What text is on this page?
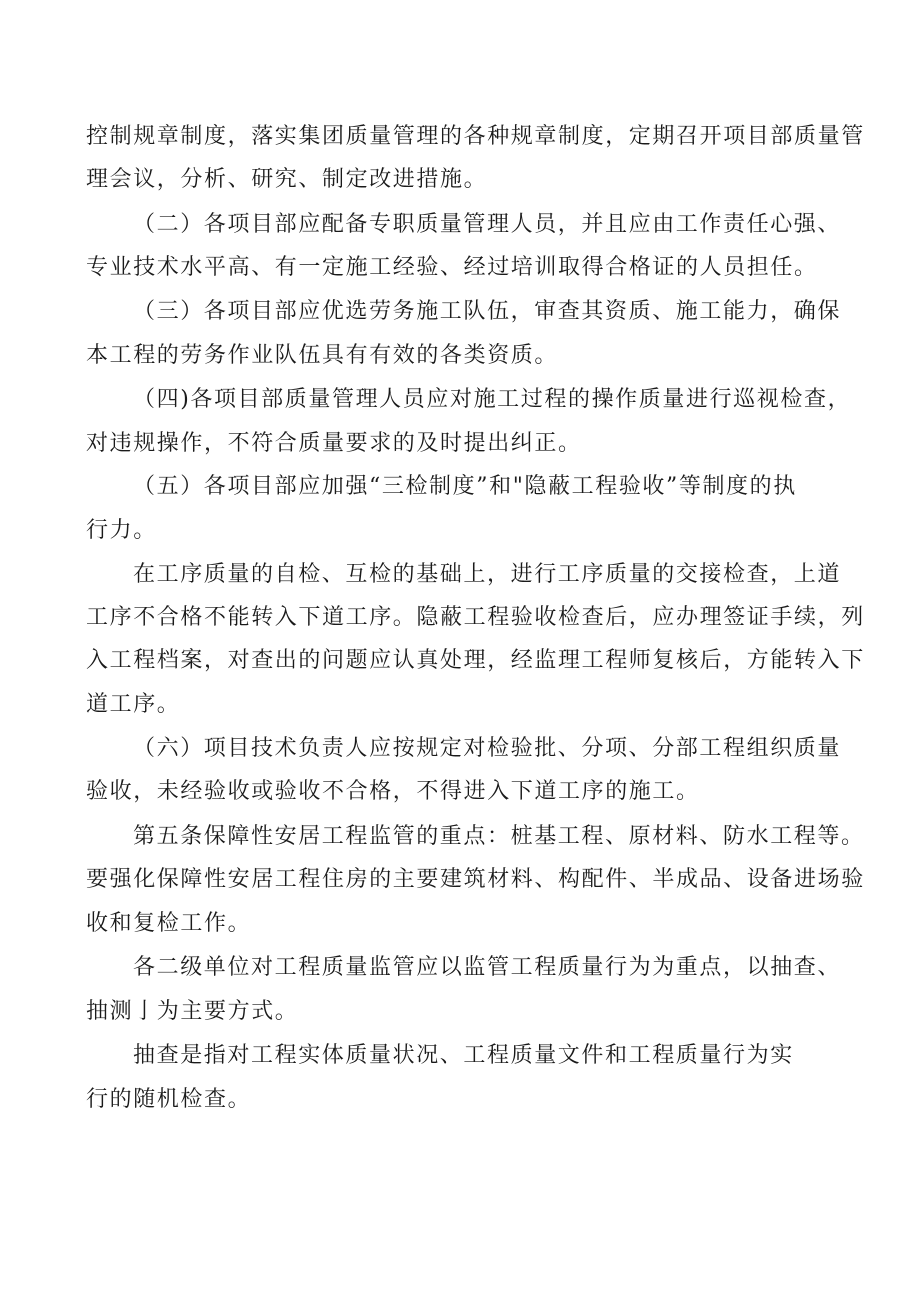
控制规章制度，落实集团质量管理的各种规章制度，定期召开项目部质量管
理会议，分析、研究、制定改进措施。
（二）各项目部应配备专职质量管理人员，并且应由工作责任心强、
专业技术水平高、有一定施工经验、经过培训取得合格证的人员担任。
（三）各项目部应优选劳务施工队伍，审查其资质、施工能力，确保
本工程的劳务作业队伍具有有效的各类资质。
（四)各项目部质量管理人员应对施工过程的操作质量进行巡视检查，
对违规操作，不符合质量要求的及时提出纠正。
（五）各项目部应加强“三检制度”和"隐蔽工程验收”等制度的执
行力。
在工序质量的自检、互检的基础上，进行工序质量的交接检查，上道
工序不合格不能转入下道工序。隐蔽工程验收检查后，应办理签证手续，列
入工程档案，对查出的问题应认真处理，经监理工程师复核后，方能转入下
道工序。
（六）项目技术负责人应按规定对检验批、分项、分部工程组织质量
验收，未经验收或验收不合格，不得进入下道工序的施工。
第五条保障性安居工程监管的重点：桩基工程、原材料、防水工程等。
要强化保障性安居工程住房的主要建筑材料、构配件、半成品、设备进场验
收和复检工作。
各二级单位对工程质量监管应以监管工程质量行为为重点，以抽查、
抽测亅为主要方式。
抽查是指对工程实体质量状况、工程质量文件和工程质量行为实
行的随机检查。
